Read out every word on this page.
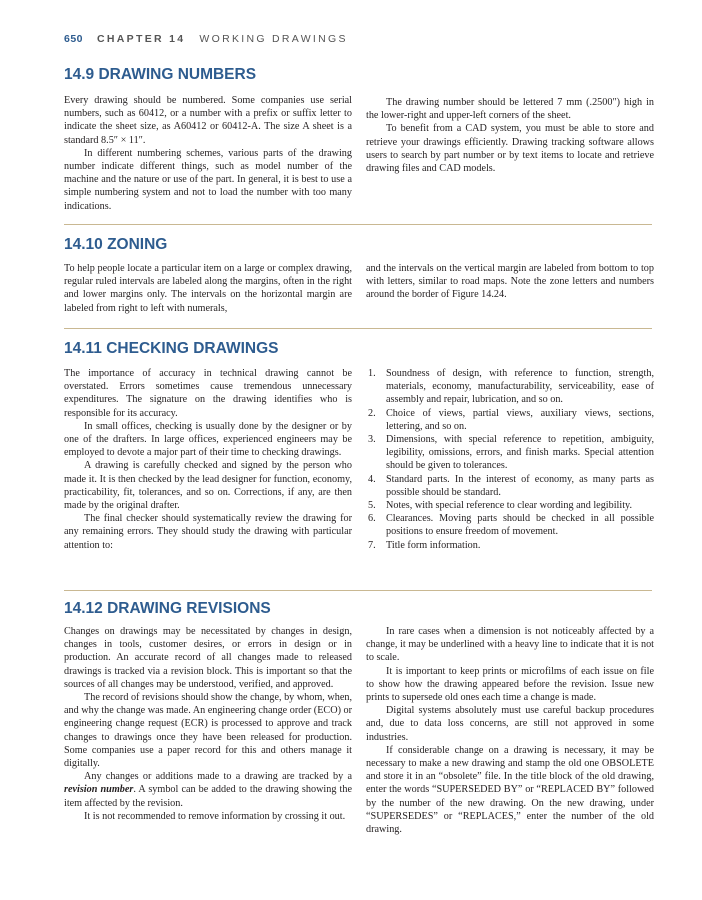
650 CHAPTER 14 WORKING DRAWINGS
14.9 DRAWING NUMBERS

Every drawing should be numbered. Some companies use serial numbers, such as 60412, or a number with a prefix or suffix letter to indicate the sheet size, as A60412 or 60412-A. The size A sheet is a standard 8.5″ × 11″.

In different numbering schemes, various parts of the drawing number indicate different things, such as model number of the machine and the nature or use of the part. In general, it is best to use a simple numbering system and not to load the number with too many indications.

The drawing number should be lettered 7 mm (.2500″) high in the lower-right and upper-left corners of the sheet.

To benefit from a CAD system, you must be able to store and retrieve your drawings efficiently. Drawing tracking software allows users to search by part number or by text items to locate and retrieve drawing files and CAD models.

14.10 ZONING

To help people locate a particular item on a large or complex drawing, regular ruled intervals are labeled along the margins, often in the right and lower margins only. The intervals on the horizontal margin are labeled from right to left with numerals,

and the intervals on the vertical margin are labeled from bottom to top with letters, similar to road maps. Note the zone letters and numbers around the border of Figure 14.24.

14.11 CHECKING DRAWINGS

The importance of accuracy in technical drawing cannot be overstated. Errors sometimes cause tremendous unnecessary expenditures. The signature on the drawing identifies who is responsible for its accuracy.

In small offices, checking is usually done by the designer or by one of the drafters. In large offices, experienced engineers may be employed to devote a major part of their time to checking drawings.

A drawing is carefully checked and signed by the person who made it. It is then checked by the lead designer for function, economy, practicability, fit, tolerances, and so on. Corrections, if any, are then made by the original drafter.

The final checker should systematically review the drawing for any remaining errors. They should study the drawing with particular attention to:

1. Soundness of design, with reference to function, strength, materials, economy, manufacturability, serviceability, ease of assembly and repair, lubrication, and so on.
2. Choice of views, partial views, auxiliary views, sections, lettering, and so on.
3. Dimensions, with special reference to repetition, ambiguity, legibility, omissions, errors, and finish marks. Special attention should be given to tolerances.
4. Standard parts. In the interest of economy, as many parts as possible should be standard.
5. Notes, with special reference to clear wording and legibility.
6. Clearances. Moving parts should be checked in all possible positions to ensure freedom of movement.
7. Title form information.
14.12 DRAWING REVISIONS

Changes on drawings may be necessitated by changes in design, changes in tools, customer desires, or errors in design or in production. An accurate record of all changes made to released drawings is tracked via a revision block. This is important so that the sources of all changes may be understood, verified, and approved.

The record of revisions should show the change, by whom, when, and why the change was made. An engineering change order (ECO) or engineering change request (ECR) is processed to approve and track changes to drawings once they have been released for production. Some companies use a paper record for this and others manage it digitally.

Any changes or additions made to a drawing are tracked by a revision number. A symbol can be added to the drawing showing the item affected by the revision.

It is not recommended to remove information by crossing it out.

In rare cases when a dimension is not noticeably affected by a change, it may be underlined with a heavy line to indicate that it is not to scale.

It is important to keep prints or microfilms of each issue on file to show how the drawing appeared before the revision. Issue new prints to supersede old ones each time a change is made.

Digital systems absolutely must use careful backup procedures and, due to data loss concerns, are still not approved in some industries.

If considerable change on a drawing is necessary, it may be necessary to make a new drawing and stamp the old one OBSOLETE and store it in an “obsolete” file. In the title block of the old drawing, enter the words “SUPERSEDED BY” or “REPLACED BY” followed by the number of the new drawing. On the new drawing, under “SUPERSEDES” or “REPLACES,” enter the number of the old drawing.
